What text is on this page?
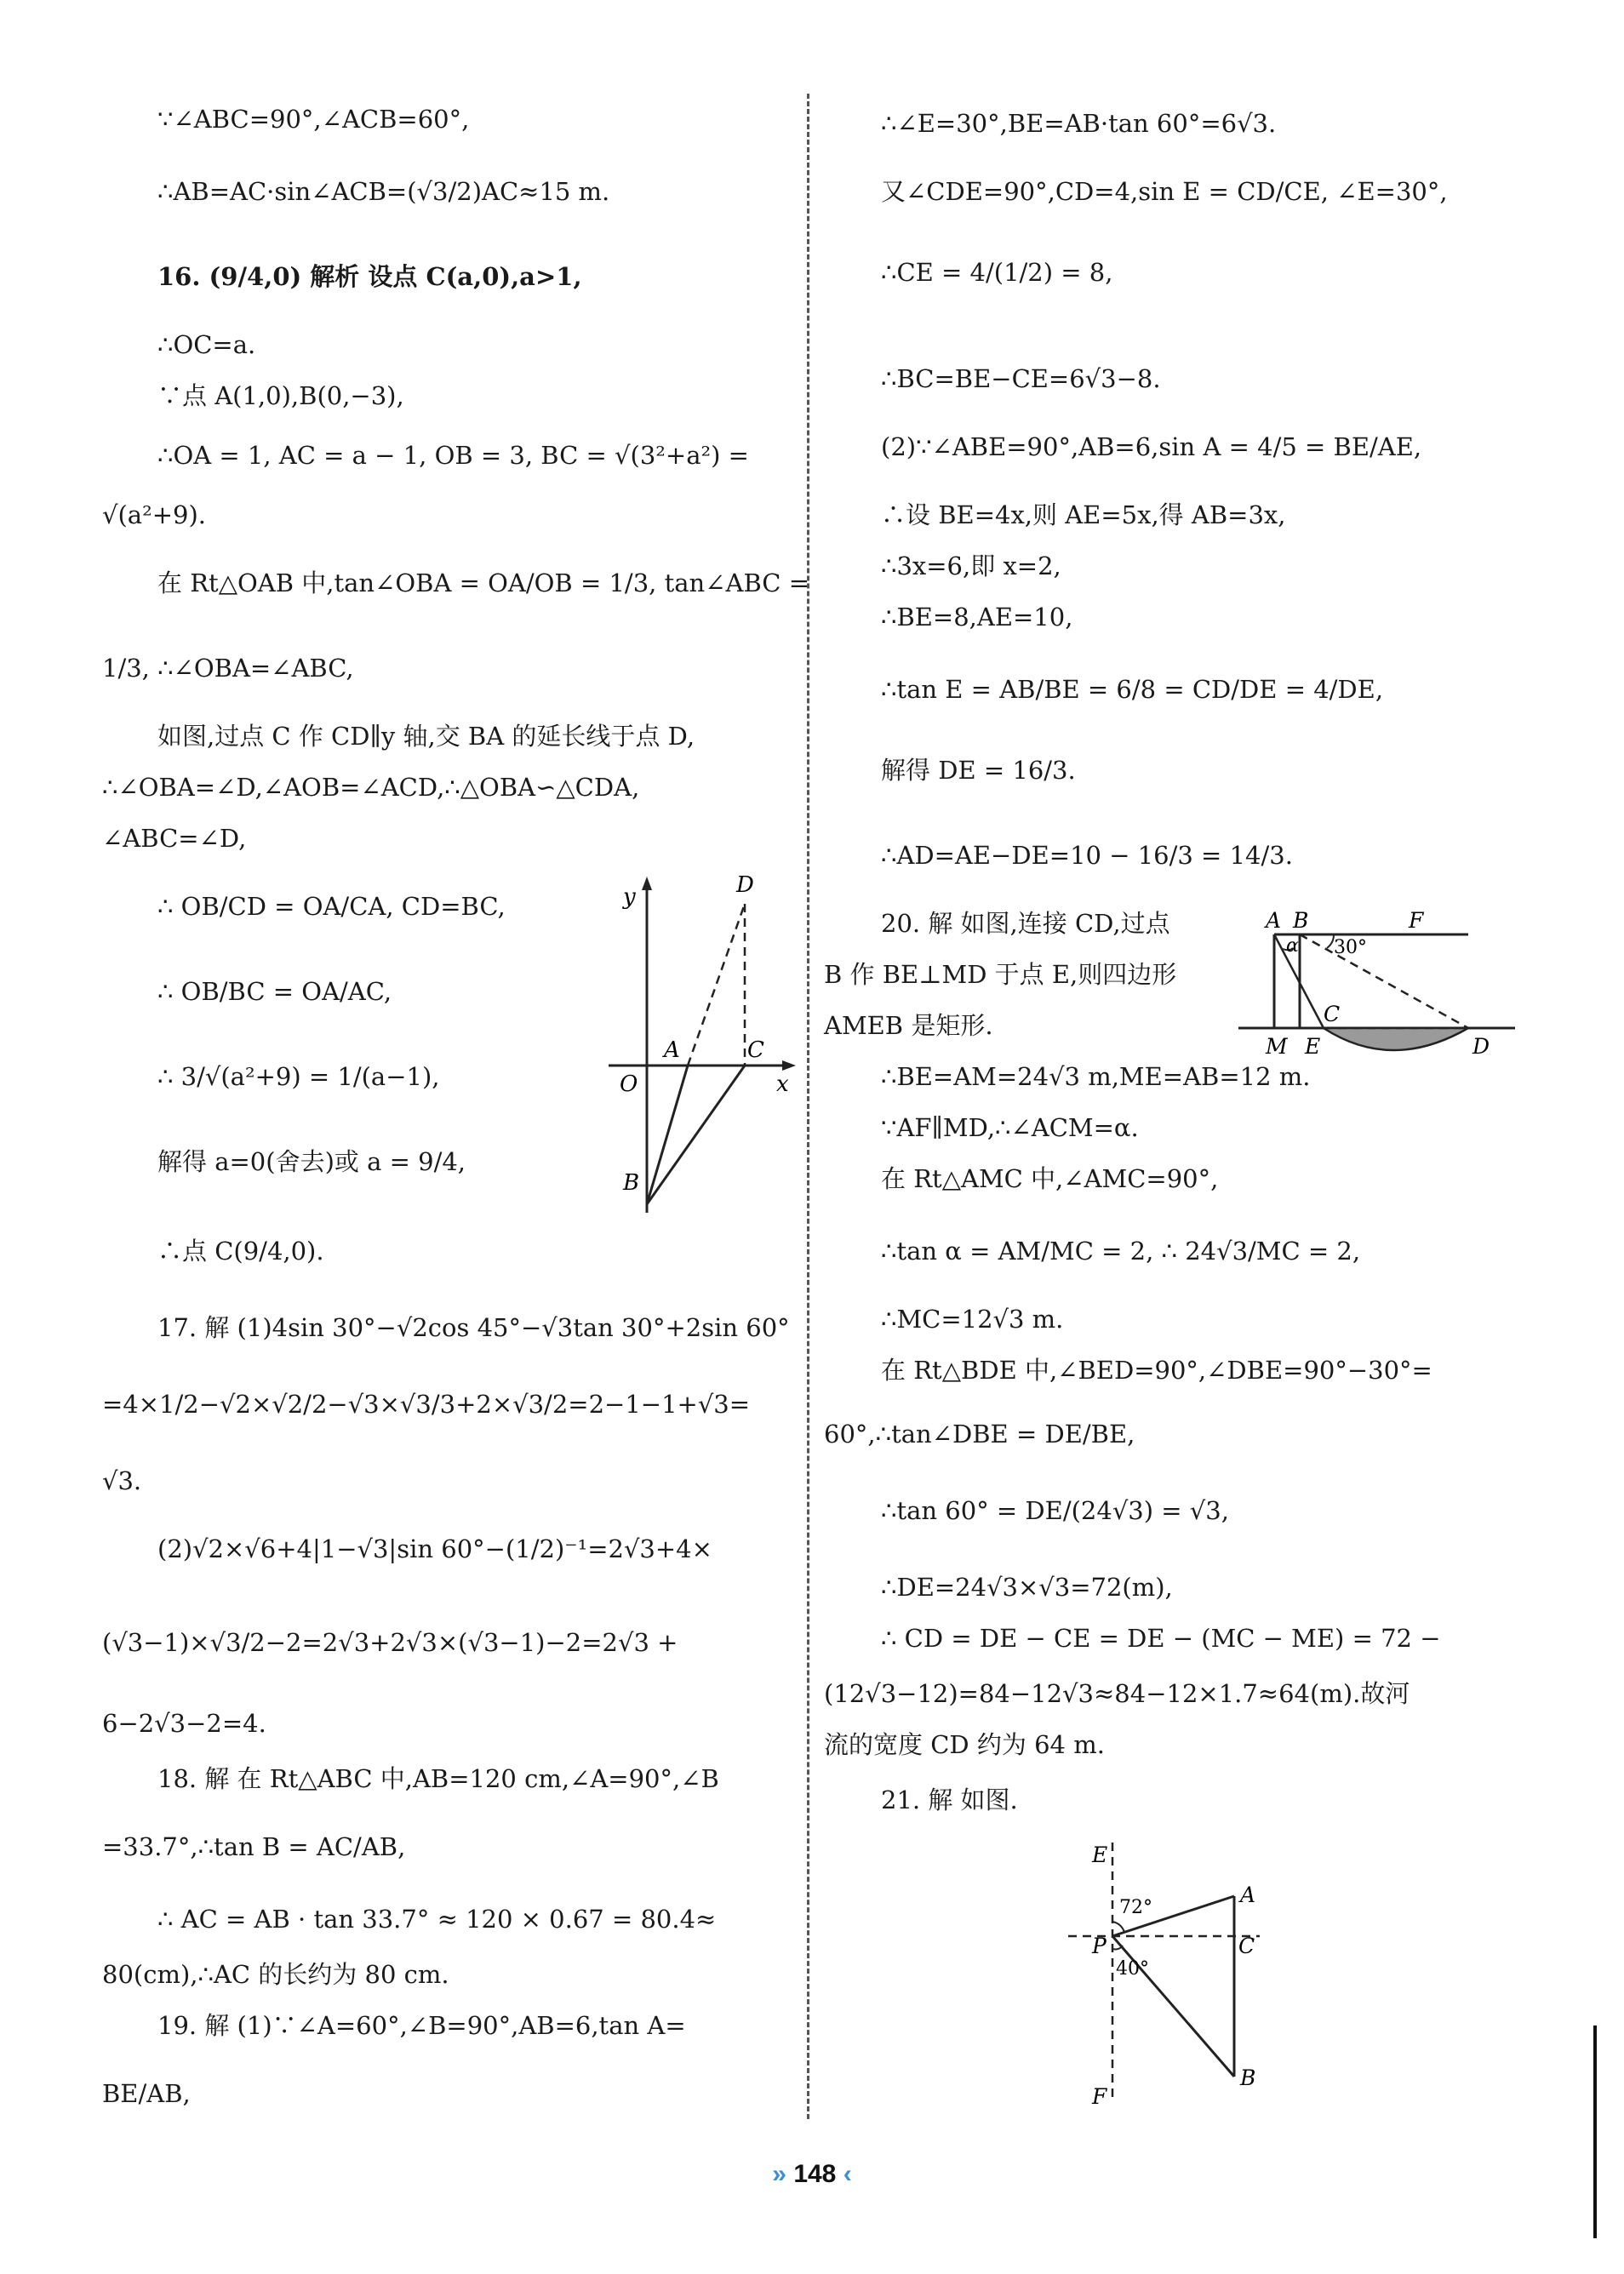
∵∠ABC=90°,∠ACB=60°,
∴AB=AC·sin∠ACB=(√3/2)AC≈15 m.
16. (9/4,0) 解析 设点 C(a,0),a>1,
∴OC=a.
∵点 A(1,0),B(0,−3),
∴OA = 1, AC = a − 1, OB = 3, BC = √(3²+a²) =
√(a²+9).
在 Rt△OAB 中,tan∠OBA = OA/OB = 1/3, tan∠ABC =
1/3, ∴∠OBA=∠ABC,
如图,过点 C 作 CD∥y 轴,交 BA 的延长线于点 D,
∴∠OBA=∠D,∠AOB=∠ACD,∴△OBA∽△CDA,
∠ABC=∠D,
∴ OB/CD = OA/CA, CD=BC,
∴ OB/BC = OA/AC,
∴ 3/√(a²+9) = 1/(a−1),
解得 a=0(舍去)或 a = 9/4,
∴点 C(9/4,0).
17. 解 (1)4sin 30°−√2cos 45°−√3tan 30°+2sin 60°
=4×1/2−√2×√2/2−√3×√3/3+2×√3/2=2−1−1+√3=
√3.
(2)√2×√6+4|1−√3|sin 60°−(1/2)⁻¹=2√3+4×
(√3−1)×√3/2−2=2√3+2√3×(√3−1)−2=2√3 +
6−2√3−2=4.
18. 解 在 Rt△ABC 中,AB=120 cm,∠A=90°,∠B
=33.7°,∴tan B = AC/AB,
∴ AC = AB · tan 33.7° ≈ 120 × 0.67 = 80.4≈
80(cm),∴AC 的长约为 80 cm.
19. 解 (1)∵∠A=60°,∠B=90°,AB=6,tan A=
BE/AB,
y	D
A	C
O	x
B
∴∠E=30°,BE=AB·tan 60°=6√3.
又∠CDE=90°,CD=4,sin E = CD/CE, ∠E=30°,
∴CE = 4/(1/2) = 8,
∴BC=BE−CE=6√3−8.
(2)∵∠ABE=90°,AB=6,sin A = 4/5 = BE/AE,
∴设 BE=4x,则 AE=5x,得 AB=3x,
∴3x=6,即 x=2,
∴BE=8,AE=10,
∴tan E = AB/BE = 6/8 = CD/DE = 4/DE,
解得 DE = 16/3.
∴AD=AE−DE=10 − 16/3 = 14/3.
20. 解 如图,连接 CD,过点
B 作 BE⊥MD 于点 E,则四边形
AMEB 是矩形.
∴BE=AM=24√3 m,ME=AB=12 m.
∵AF∥MD,∴∠ACM=α.
在 Rt△AMC 中,∠AMC=90°,
∴tan α = AM/MC = 2, ∴ 24√3/MC = 2,
∴MC=12√3 m.
在 Rt△BDE 中,∠BED=90°,∠DBE=90°−30°=
60°,∴tan∠DBE = DE/BE,
∴tan 60° = DE/(24√3) = √3,
∴DE=24√3×√3=72(m),
∴ CD = DE − CE = DE − (MC − ME) = 72 −
(12√3−12)=84−12√3≈84−12×1.7≈64(m).故河
流的宽度 CD 约为 64 m.
21. 解 如图.
A B	F
α 30°
C
M E	D
E
A
72°
P	C
40°
B
F
» 148 ‹
